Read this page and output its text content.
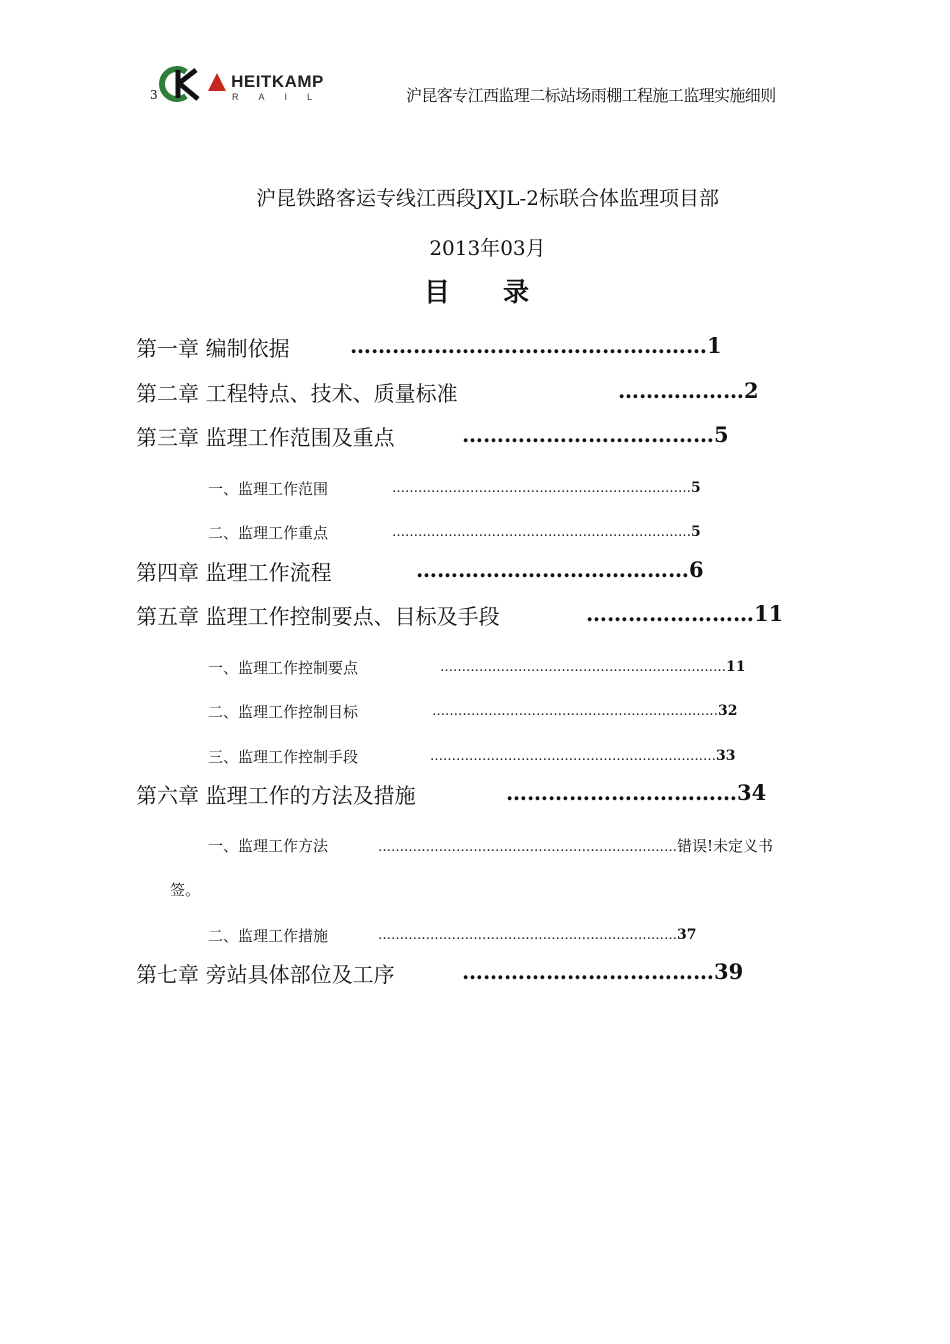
3
HEITKAMP
RAIL	沪昆客专江西监理二标站场雨棚工程施工监理实施细则
沪昆铁路客运专线江西段JXJL-2标联合体监理项目部
2013年03月
目 录
第一章 编制依据	……………………………………………1
第二章 工程特点、技术、质量标准	………………2
第三章 监理工作范围及重点	………………………………5
一、监理工作范围	……………………………………………………………5
二、监理工作重点	……………………………………………………………5
第四章 监理工作流程	…………………………………6
第五章 监理工作控制要点、目标及手段	……………………11
一、监理工作控制要点	…………………………………………………………11
二、监理工作控制目标	…………………………………………………………32
三、监理工作控制手段	…………………………………………………………33
第六章 监理工作的方法及措施	……………………………34
一、监理工作方法	……………………………………………………………错误!未定义书
签。
二、监理工作措施	……………………………………………………………37
第七章 旁站具体部位及工序	………………………………39
